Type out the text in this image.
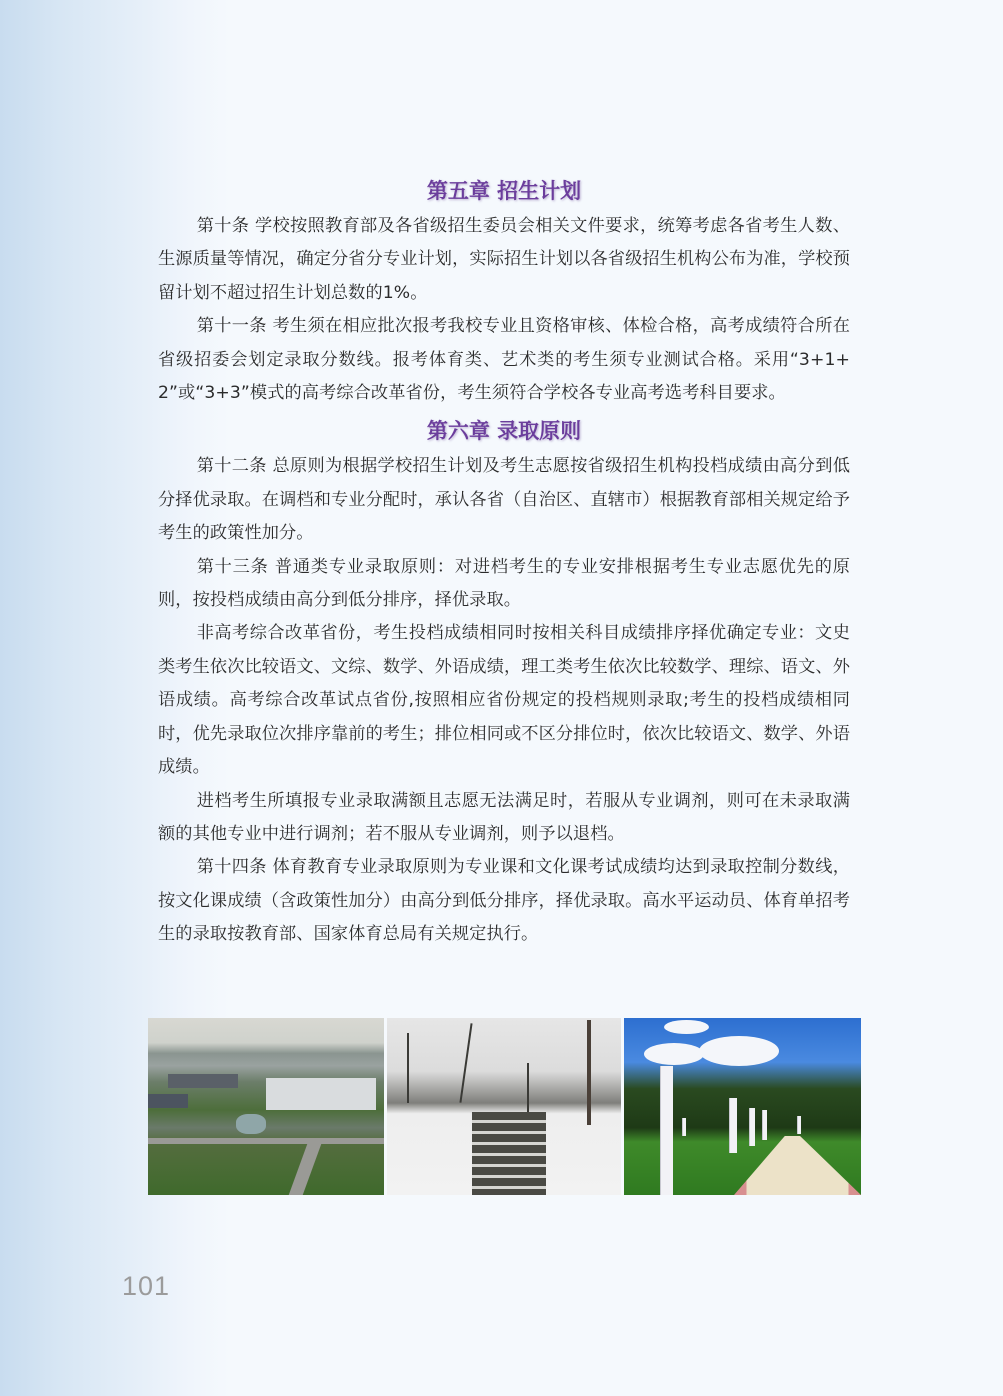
第五章 招生计划

第十条 学校按照教育部及各省级招生委员会相关文件要求，统筹考虑各省考生人数、生源质量等情况，确定分省分专业计划，实际招生计划以各省级招生机构公布为准，学校预留计划不超过招生计划总数的1%。

第十一条 考生须在相应批次报考我校专业且资格审核、体检合格，高考成绩符合所在省级招委会划定录取分数线。报考体育类、艺术类的考生须专业测试合格。采用“3+1+2”或“3+3”模式的高考综合改革省份，考生须符合学校各专业高考选考科目要求。

第六章 录取原则

第十二条 总原则为根据学校招生计划及考生志愿按省级招生机构投档成绩由高分到低分择优录取。在调档和专业分配时，承认各省（自治区、直辖市）根据教育部相关规定给予考生的政策性加分。

第十三条 普通类专业录取原则：对进档考生的专业安排根据考生专业志愿优先的原则，按投档成绩由高分到低分排序，择优录取。

非高考综合改革省份，考生投档成绩相同时按相关科目成绩排序择优确定专业：文史类考生依次比较语文、文综、数学、外语成绩，理工类考生依次比较数学、理综、语文、外语成绩。高考综合改革试点省份,按照相应省份规定的投档规则录取;考生的投档成绩相同时，优先录取位次排序靠前的考生；排位相同或不区分排位时，依次比较语文、数学、外语成绩。

进档考生所填报专业录取满额且志愿无法满足时，若服从专业调剂，则可在未录取满额的其他专业中进行调剂；若不服从专业调剂，则予以退档。

第十四条 体育教育专业录取原则为专业课和文化课考试成绩均达到录取控制分数线，按文化课成绩（含政策性加分）由高分到低分排序，择优录取。高水平运动员、体育单招考生的录取按教育部、国家体育总局有关规定执行。

101
